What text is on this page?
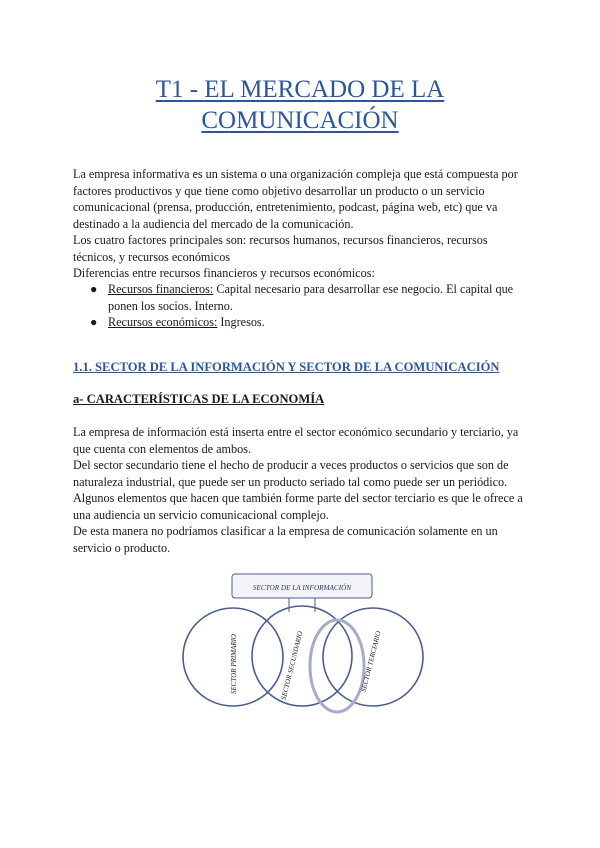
T1 - EL MERCADO DE LA
COMUNICACIÓN

La empresa informativa es un sistema o una organización compleja que está compuesta por factores productivos y que tiene como objetivo desarrollar un producto o un servicio comunicacional (prensa, producción, entretenimiento, podcast, página web, etc) que va destinado a la audiencia del mercado de la comunicación.

Los cuatro factores principales son: recursos humanos, recursos financieros, recursos técnicos, y recursos económicos

Diferencias entre recursos financieros y recursos económicos:

● Recursos financieros: Capital necesario para desarrollar ese negocio. El capital que ponen los socios. Interno.
● Recursos económicos: Ingresos.
1.1. SECTOR DE LA INFORMACIÓN Y SECTOR DE LA COMUNICACIÓN
a- CARACTERÍSTICAS DE LA ECONOMÍA

La empresa de información está inserta entre el sector económico secundario y terciario, ya que cuenta con elementos de ambos.

Del sector secundario tiene el hecho de producir a veces productos o servicios que son de naturaleza industrial, que puede ser un producto seriado tal como puede ser un periódico.

Algunos elementos que hacen que también forme parte del sector terciario es que le ofrece a una audiencia un servicio comunicacional complejo.

De esta manera no podríamos clasificar a la empresa de comunicación solamente en un servicio o producto.

SECTOR DE LA INFORMACIÓN
SECTOR PRIMARIO	SECTOR SECUNDARIO	SECTOR TERCIARIO
